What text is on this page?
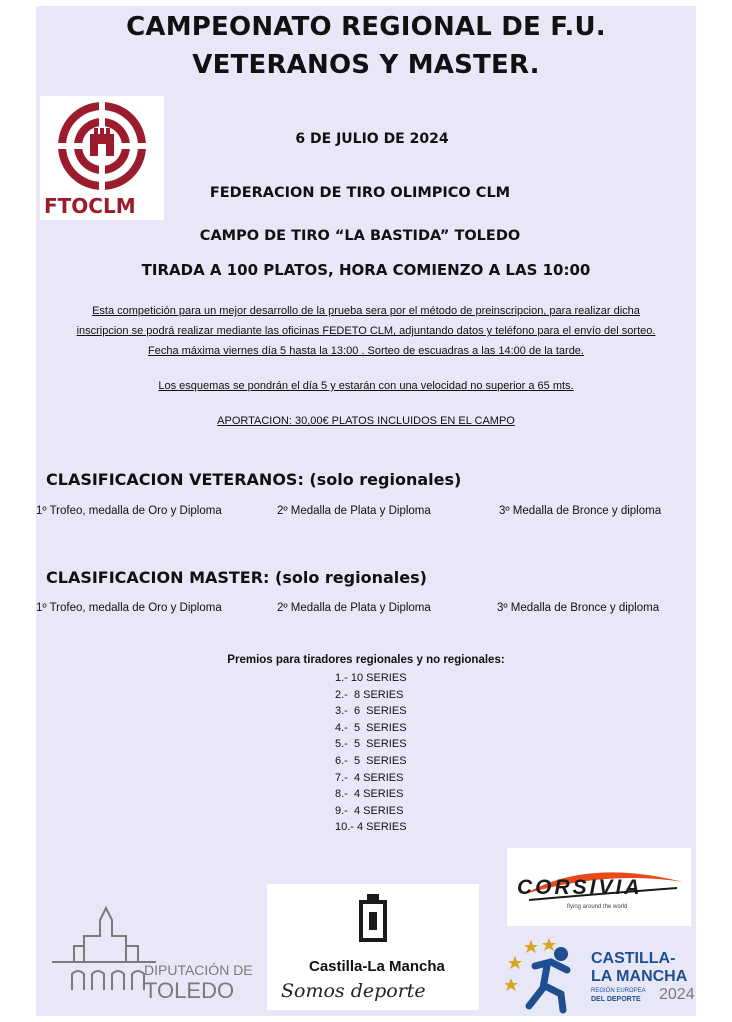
CAMPEONATO REGIONAL DE F.U.
VETERANOS Y MASTER.
FTOCLM
6 DE JULIO DE 2024
FEDERACION DE TIRO OLIMPICO CLM
CAMPO DE TIRO “LA BASTIDA” TOLEDO
TIRADA A 100 PLATOS, HORA COMIENZO A LAS 10:00
Esta competición para un mejor desarrollo de la prueba sera por el método de preinscripcion, para realizar dicha
inscripcion se podrá realizar mediante las oficinas FEDETO CLM, adjuntando datos y teléfono para el envío del sorteo.
Fecha máxima viernes día 5 hasta la 13:00 . Sorteo de escuadras a las 14:00 de la tarde.
Los esquemas se pondrán el día 5 y estarán con una velocidad no superior a 65 mts.
APORTACION: 30,00€ PLATOS INCLUIDOS EN EL CAMPO
CLASIFICACION VETERANOS: (solo regionales)
1º Trofeo, medalla de Oro y Diploma	2º Medalla de Plata y Diploma	3º Medalla de Bronce y diploma
CLASIFICACION MASTER: (solo regionales)
1º Trofeo, medalla de Oro y Diploma	2º Medalla de Plata y Diploma	3º Medalla de Bronce y diploma
Premios para tiradores regionales y no regionales:
1.- 10 SERIES
2.-  8 SERIES
3.-  6  SERIES
4.-  5  SERIES
5.-  5  SERIES
6.-  5  SERIES
7.-  4 SERIES
8.-  4 SERIES
9.-  4 SERIES
10.- 4 SERIES
CORSIVIA
flying around the world
DIPUTACIÓN DE
TOLEDO
Castilla-La Mancha
Somos deporte
CASTILLA-
LA MANCHA
REGIÓN EUROPEA
DEL DEPORTE 2024
